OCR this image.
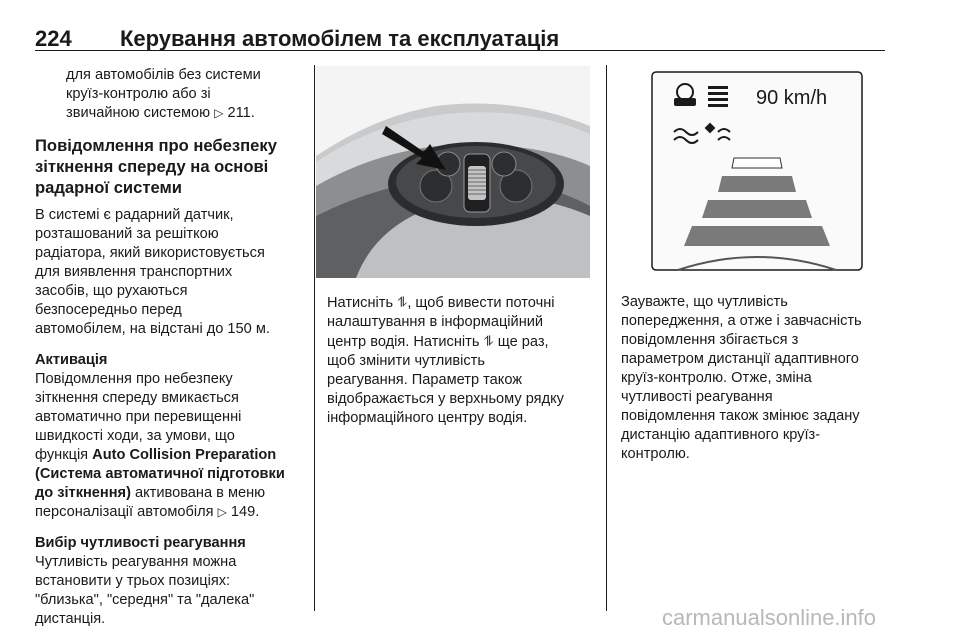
224 Керування автомобілем та експлуатація

для автомобілів без системи

круїз-контролю або зі

звичайною системою ▷ 211.

Повідомлення про небезпеку
зіткнення спереду на основі
радарної системи

В системі є радарний датчик,

розташований за решіткою

радіатора, який використовується

для виявлення транспортних

засобів, що рухаються

безпосередньо перед

автомобілем, на відстані до 150 м.

Активація

Повідомлення про небезпеку

зіткнення спереду вмикається

автоматично при перевищенні

швидкості ходи, за умови, що

функція Auto Collision Preparation

(Система автоматичної підготовки

до зіткнення) активована в меню

персоналізації автомобіля ▷ 149.

Вибір чутливості реагування

Чутливість реагування можна

встановити у трьох позиціях:

"близька", "середня" та "далека"

дистанція.

90 km/h

Натисніть ⥮, щоб вивести поточні

налаштування в інформаційний

центр водія. Натисніть ⥮ ще раз,

щоб змінити чутливість

реагування. Параметр також

відображається у верхньому рядку

інформаційного центру водія.

Зауважте, що чутливість

попередження, а отже і завчасність

повідомлення збігається з

параметром дистанції адаптивного

круїз-контролю. Отже, зміна

чутливості реагування

повідомлення також змінює задану

дистанцію адаптивного круїз-

контролю.

carmanualsonline.info
